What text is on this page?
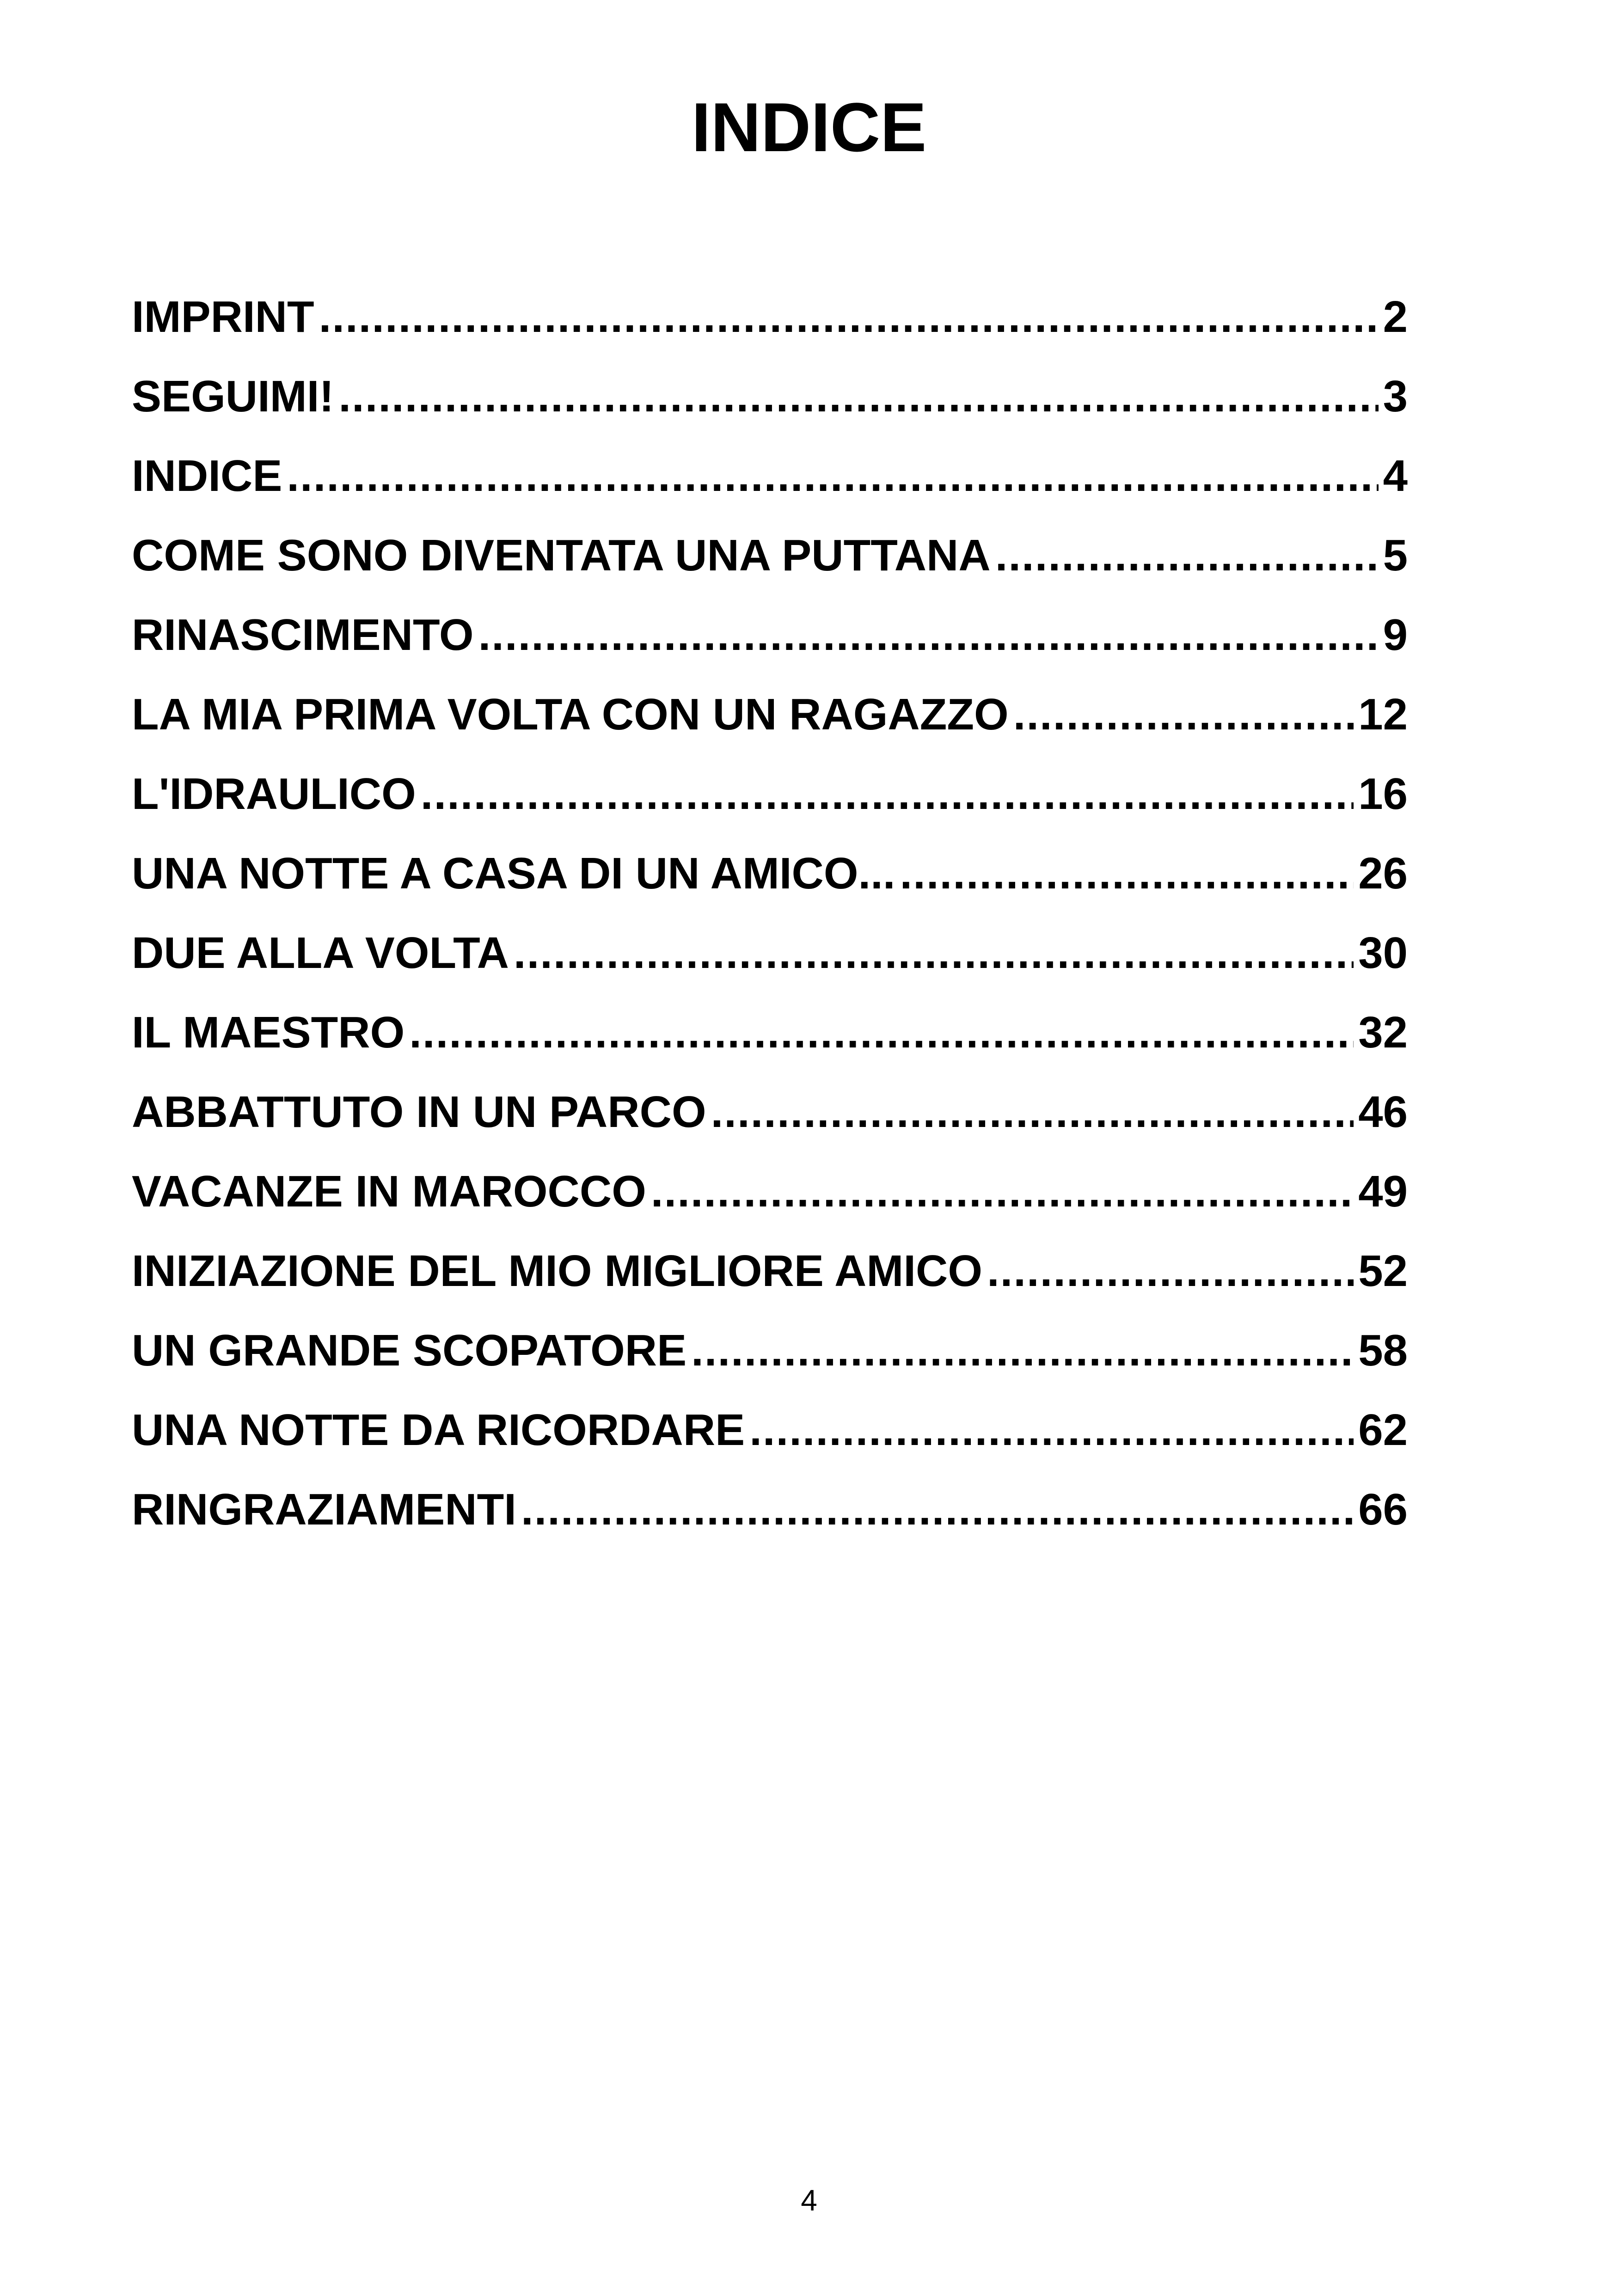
INDICE
IMPRINT .....	2
SEGUIMI! .....	3
INDICE .....	4
COME SONO DIVENTATA UNA PUTTANA .....	5
RINASCIMENTO .....	9
LA MIA PRIMA VOLTA CON UN RAGAZZO .....	12
L'IDRAULICO .....	16
UNA NOTTE A CASA DI UN AMICO... .....	26
DUE ALLA VOLTA .....	30
IL MAESTRO .....	32
ABBATTUTO IN UN PARCO .....	46
VACANZE IN MAROCCO .....	49
INIZIAZIONE DEL MIO MIGLIORE AMICO .....	52
UN GRANDE SCOPATORE .....	58
UNA NOTTE DA RICORDARE .....	62
RINGRAZIAMENTI .....	66
4
